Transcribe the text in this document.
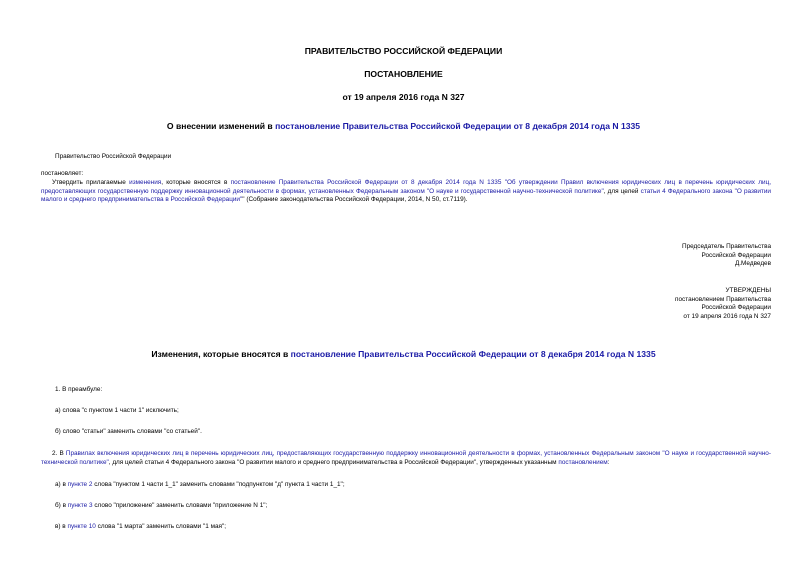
ПРАВИТЕЛЬСТВО РОССИЙСКОЙ ФЕДЕРАЦИИ
ПОСТАНОВЛЕНИЕ
от 19 апреля 2016 года N 327
О внесении изменений в постановление Правительства Российской Федерации от 8 декабря 2014 года N 1335
Правительство Российской Федерации
постановляет:
Утвердить прилагаемые изменения, которые вносятся в постановление Правительства Российской Федерации от 8 декабря 2014 года N 1335 "Об утверждении Правил включения юридических лиц в перечень юридических лиц, предоставляющих государственную поддержку инновационной деятельности в формах, установленных Федеральным законом "О науке и государственной научно-технической политике", для целей статьи 4 Федерального закона "О развитии малого и среднего предпринимательства в Российской Федерации"" (Собрание законодательства Российской Федерации, 2014, N 50, ст.7119).
Председатель Правительства
Российской Федерации
Д.Медведев
УТВЕРЖДЕНЫ
постановлением Правительства
Российской Федерации
от 19 апреля 2016 года N 327
Изменения, которые вносятся в постановление Правительства Российской Федерации от 8 декабря 2014 года N 1335
1. В преамбуле:
а) слова "с пунктом 1 части 1" исключить;
б) слово "статьи" заменить словами "со статьей".
2. В Правилах включения юридических лиц в перечень юридических лиц, предоставляющих государственную поддержку инновационной деятельности в формах, установленных Федеральным законом "О науке и государственной научно-технической политике", для целей статьи 4 Федерального закона "О развитии малого и среднего предпринимательства в Российской Федерации", утвержденных указанным постановлением:
а) в пункте 2 слова "пунктом 1 части 1_1" заменить словами "подпунктом "д" пункта 1 части 1_1";
б) в пункте 3 слово "приложение" заменить словами "приложение N 1";
в) в пункте 10 слова "1 марта" заменить словами "1 мая";
